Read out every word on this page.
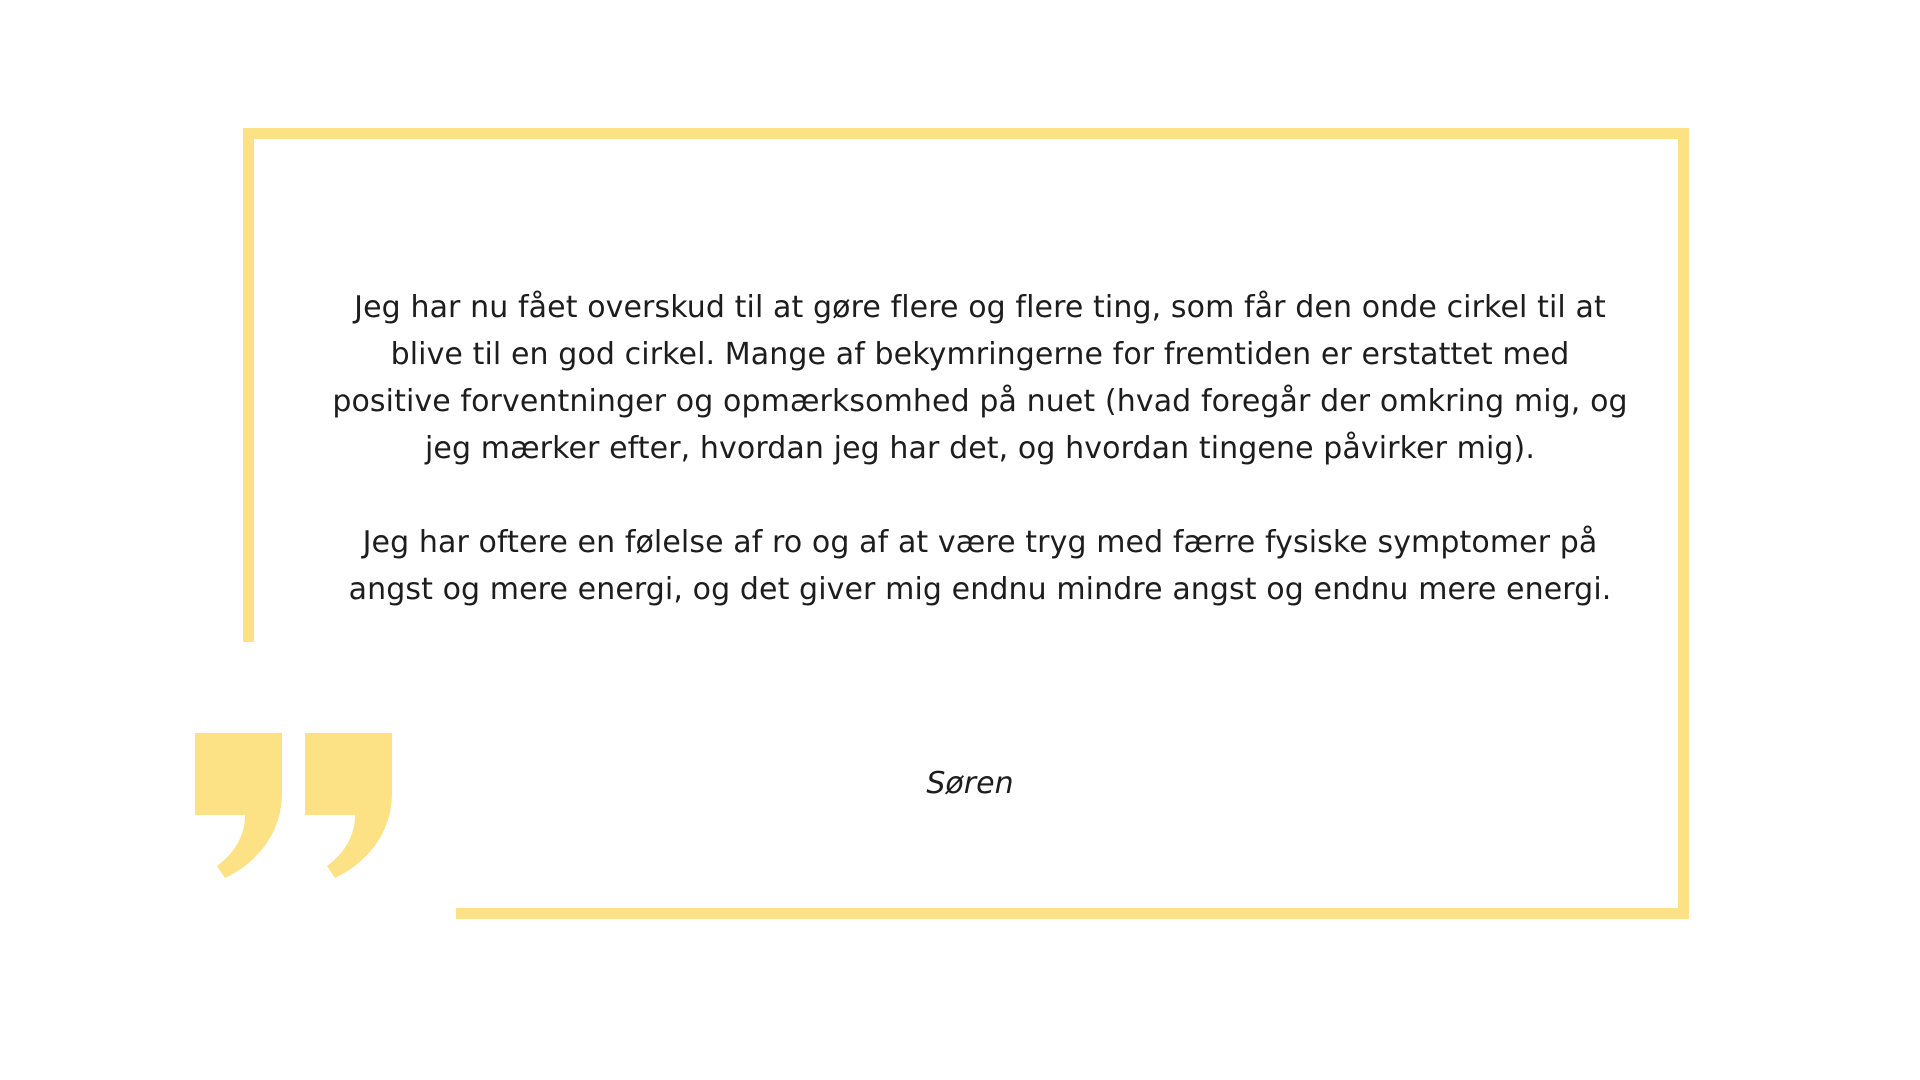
Jeg har nu fået overskud til at gøre flere og flere ting, som får den onde cirkel til at blive til en god cirkel. Mange af bekymringerne for fremtiden er erstattet med positive forventninger og opmærksomhed på nuet (hvad foregår der omkring mig, og jeg mærker efter, hvordan jeg har det, og hvordan tingene påvirker mig).

Jeg har oftere en følelse af ro og af at være tryg med færre fysiske symptomer på angst og mere energi, og det giver mig endnu mindre angst og endnu mere energi.

Søren
